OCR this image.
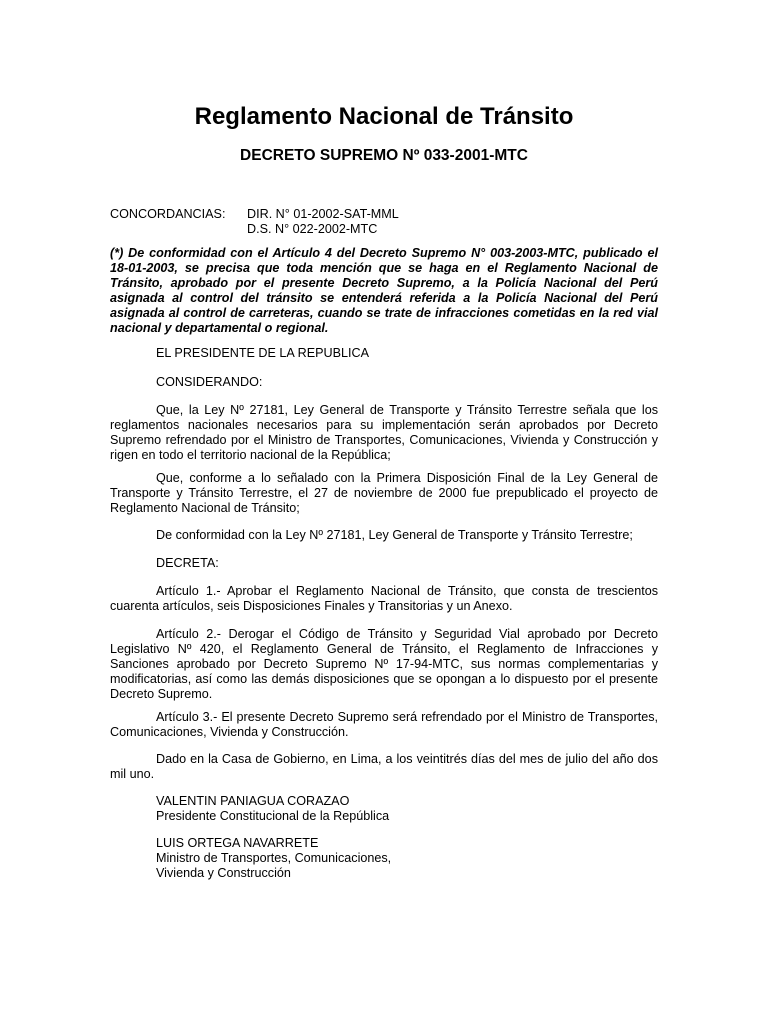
Reglamento Nacional de Tránsito
DECRETO SUPREMO Nº 033-2001-MTC
CONCORDANCIAS: DIR. N° 01-2002-SAT-MML
D.S. N° 022-2002-MTC
(*) De conformidad con el Artículo 4 del Decreto Supremo N° 003-2003-MTC, publicado el 18-01-2003, se precisa que toda mención que se haga en el Reglamento Nacional de Tránsito, aprobado por el presente Decreto Supremo, a la Policía Nacional del Perú asignada al control del tránsito se entenderá referida a la Policía Nacional del Perú asignada al control de carreteras, cuando se trate de infracciones cometidas en la red vial nacional y departamental o regional.

EL PRESIDENTE DE LA REPUBLICA

CONSIDERANDO:

Que, la Ley Nº 27181, Ley General de Transporte y Tránsito Terrestre señala que los reglamentos nacionales necesarios para su implementación serán aprobados por Decreto Supremo refrendado por el Ministro de Transportes, Comunicaciones, Vivienda y Construcción y rigen en todo el territorio nacional de la República;

Que, conforme a lo señalado con la Primera Disposición Final de la Ley General de Transporte y Tránsito Terrestre, el 27 de noviembre de 2000 fue prepublicado el proyecto de Reglamento Nacional de Tránsito;

De conformidad con la Ley Nº 27181, Ley General de Transporte y Tránsito Terrestre;

DECRETA:

Artículo 1.- Aprobar el Reglamento Nacional de Tránsito, que consta de trescientos cuarenta artículos, seis Disposiciones Finales y Transitorias y un Anexo.

Artículo 2.- Derogar el Código de Tránsito y Seguridad Vial aprobado por Decreto Legislativo Nº 420, el Reglamento General de Tránsito, el Reglamento de Infracciones y Sanciones aprobado por Decreto Supremo Nº 17-94-MTC, sus normas complementarias y modificatorias, así como las demás disposiciones que se opongan a lo dispuesto por el presente Decreto Supremo.

Artículo 3.- El presente Decreto Supremo será refrendado por el Ministro de Transportes, Comunicaciones, Vivienda y Construcción.

Dado en la Casa de Gobierno, en Lima, a los veintitrés días del mes de julio del año dos mil uno.

VALENTIN PANIAGUA CORAZAO
Presidente Constitucional de la República
LUIS ORTEGA NAVARRETE
Ministro de Transportes, Comunicaciones,
Vivienda y Construcción
